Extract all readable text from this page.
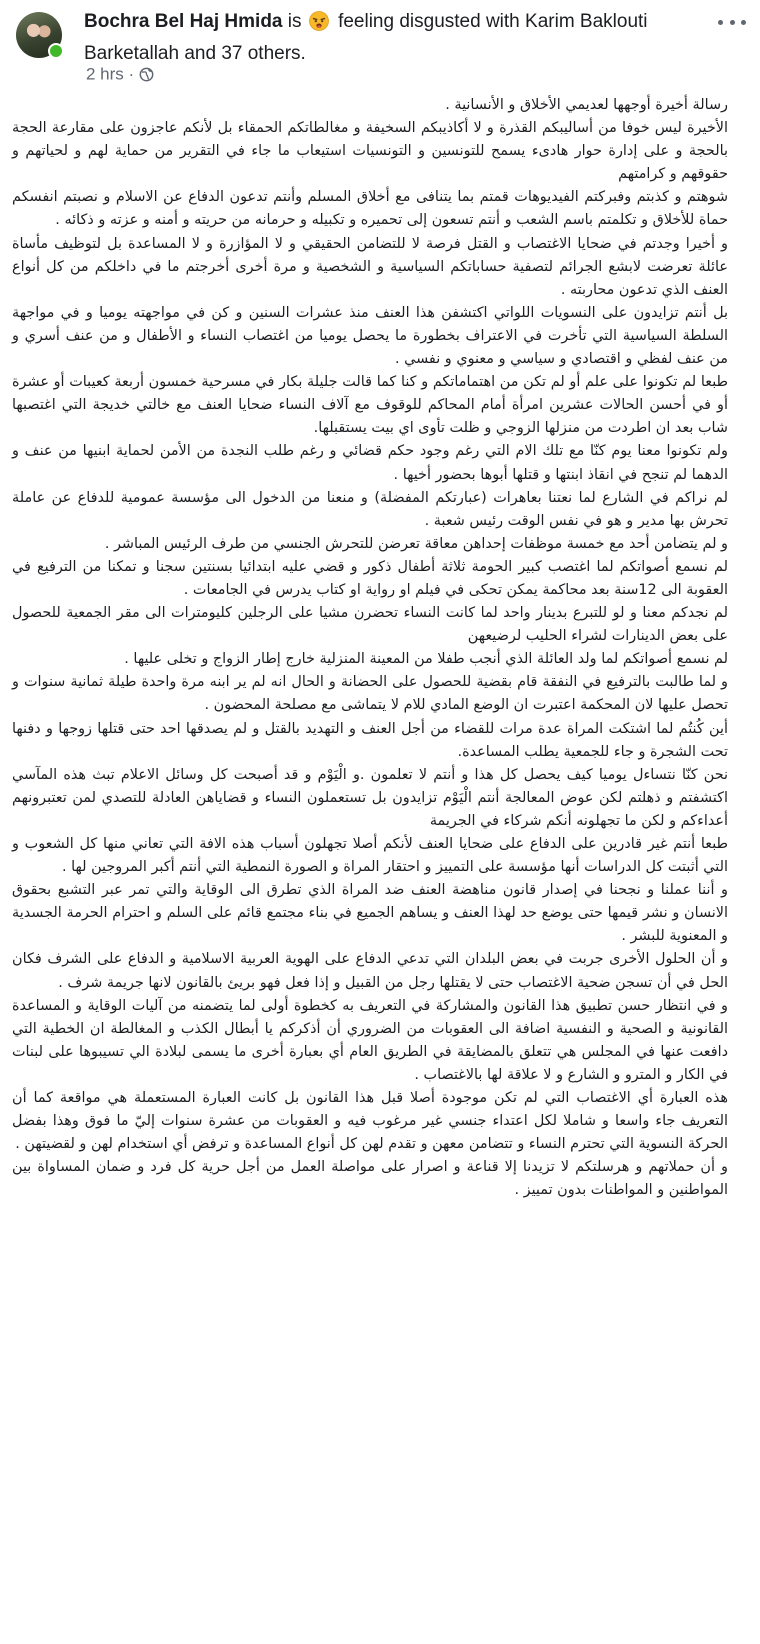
Bochra Bel Haj Hmida is feeling disgusted with Karim Baklouti Barketallah and 37 others.
2 hrs ·

رسالة أخيرة أوجهها لعديمي الأخلاق و الأنسانية .

الأخيرة ليس خوفا من أساليبكم القذرة و لا أكاذيبكم السخيفة و مغالطاتكم الحمقاء بل لأنكم عاجزون على مقارعة الحجة بالحجة و على إدارة حوار هادىء يسمح للتونسين و التونسيات استيعاب ما جاء في التقرير من حماية لهم و لحياتهم و حقوقهم و كرامتهم

شوهتم و كذبتم وفبركتم الفيديوهات قمتم بما يتنافى مع أخلاق المسلم وأنتم تدعون الدفاع عن الاسلام و نصبتم انفسكم حماة للأخلاق و تكلمتم باسم الشعب و أنتم تسعون إلى تحميره و تكبيله و حرمانه من حريته و أمنه و عزته و ذكائه .

و أخيرا وجدتم في ضحايا الاغتصاب و القتل فرصة لا للتضامن الحقيقي و لا المؤازرة و لا المساعدة بل لتوظيف مأساة عائلة تعرضت لابشع الجرائم لتصفية حساباتكم السياسية و الشخصية و مرة أخرى أخرجتم ما في داخلكم من كل أنواع العنف الذي تدعون محاربته .

بل أنتم تزايدون على النسويات اللواتي اكتشفن هذا العنف منذ عشرات السنين و كن في مواجهته يوميا و في مواجهة السلطة السياسية التي تأخرت في الاعتراف بخطورة ما يحصل يوميا من اغتصاب النساء و الأطفال و من عنف أسري و من عنف لفظي و اقتصادي و سياسي و معنوي و نفسي .

طبعا لم تكونوا على علم أو لم تكن من اهتماماتكم و كنا كما قالت جليلة بكار في مسرحية خمسون أربعة كعيبات أو عشرة أو في أحسن الحالات عشرين امرأة أمام المحاكم للوقوف مع آلاف النساء ضحايا العنف مع خالتي خديجة التي اغتصبها شاب بعد ان اطردت من منزلها الزوجي و ظلت تأوى اي بيت يستقبلها.

ولم تكونوا معنا يوم كنّا مع تلك الام التي رغم وجود حكم قضائي و رغم طلب النجدة من الأمن لحماية ابنيها من عنف و الدهما لم تنجح في انقاذ ابنتها و قتلها أبوها بحضور أخيها .

لم نراكم في الشارع لما نعتنا بعاهرات (عبارتكم المفضلة) و منعنا من الدخول الى مؤسسة عمومية للدفاع عن عاملة تحرش بها مدير و هو في نفس الوقت رئيس شعبة .

و لم يتضامن أحد مع خمسة موظفات إحداهن معاقة تعرضن للتحرش الجنسي من طرف الرئيس المباشر .

لم نسمع أصواتكم لما اغتصب كبير الحومة ثلاثة أطفال ذكور و قضي عليه ابتدائيا بسنتين سجنا و تمكنا من الترفيع في العقوبة الى 12سنة بعد محاكمة يمكن تحكى في فيلم او رواية او كتاب يدرس في الجامعات .

لم نجدكم معنا و لو للتبرع بدينار واحد لما كانت النساء تحضرن مشيا على الرجلين كليومترات الى مقر الجمعية للحصول على بعض الدينارات لشراء الحليب لرضيعهن

لم نسمع أصواتكم لما ولد العائلة الذي أنجب طفلا من المعينة المنزلية خارج إطار الزواج و تخلى عليها .

و لما طالبت بالترفيع في النفقة قام بقضية للحصول على الحضانة و الحال انه لم ير ابنه مرة واحدة طيلة ثمانية سنوات و تحصل عليها لان المحكمة اعتبرت ان الوضع المادي للام لا يتماشى مع مصلحة المحضون .

أين كُنتُم لما اشتكت المراة عدة مرات للقضاء من أجل العنف و التهديد بالقتل و لم يصدقها احد حتى قتلها زوجها و دفنها تحت الشجرة و جاء للجمعية يطلب المساعدة.

نحن كنّا نتساءل يوميا كيف يحصل كل هذا و أنتم لا تعلمون .و الْيَوْم و قد أصبحت كل وسائل الاعلام تبث هذه المآسي اكتشفتم و ذهلتم لكن عوض المعالجة أنتم الْيَوْم تزايدون بل تستعملون النساء و قضاياهن العادلة للتصدي لمن تعتبرونهم أعداءكم و لكن ما تجهلونه أنكم شركاء في الجريمة

طبعا أنتم غير قادرين على الدفاع على ضحايا العنف لأنكم أصلا تجهلون أسباب هذه الافة التي تعاني منها كل الشعوب و التي أثبتت كل الدراسات أنها مؤسسة على التمييز و احتقار المراة و الصورة النمطية التي أنتم أكبر المروجين لها .

و أننا عملنا و نجحنا في إصدار قانون مناهضة العنف ضد المراة الذي تطرق الى الوقاية والتي تمر عبر التشبع بحقوق الانسان و نشر قيمها حتى يوضع حد لهذا العنف و يساهم الجميع في بناء مجتمع قائم على السلم و احترام الحرمة الجسدية و المعنوية للبشر .

و أن الحلول الأخرى جربت في بعض البلدان التي تدعي الدفاع على الهوية العربية الاسلامية و الدفاع على الشرف فكان الحل في أن تسجن ضحية الاغتصاب حتى لا يقتلها رجل من القبيل و إذا فعل فهو بريئ بالقانون لانها جريمة شرف .

و في انتظار حسن تطبيق هذا القانون والمشاركة في التعريف به كخطوة أولى لما يتضمنه من آليات الوقاية و المساعدة القانونية و الصحية و النفسية اضافة الى العقوبات من الضروري أن أذكركم يا أبطال الكذب و المغالطة ان الخطية التي دافعت عنها في المجلس هي تتعلق بالمضايقة في الطريق العام أي بعبارة أخرى ما يسمى لبلادة الي تسيبوها على لبنات في الكار و المترو و الشارع و لا علاقة لها بالاغتصاب .

هذه العبارة أي الاغتصاب التي لم تكن موجودة أصلا قبل هذا القانون بل كانت العبارة المستعملة هي مواقعة كما أن التعريف جاء واسعا و شاملا لكل اعتداء جنسي غير مرغوب فيه و العقوبات من عشرة سنوات إليّ ما فوق وهذا بفضل الحركة النسوية التي تحترم النساء و تتضامن معهن و تقدم لهن كل أنواع المساعدة و ترفض أي استخدام لهن و لقضيتهن .

و أن حملاتهم و هرسلتكم لا تزيدنا إلا قناعة و اصرار على مواصلة العمل من أجل حرية كل فرد و ضمان المساواة بين المواطنين و المواطنات بدون تمييز .
